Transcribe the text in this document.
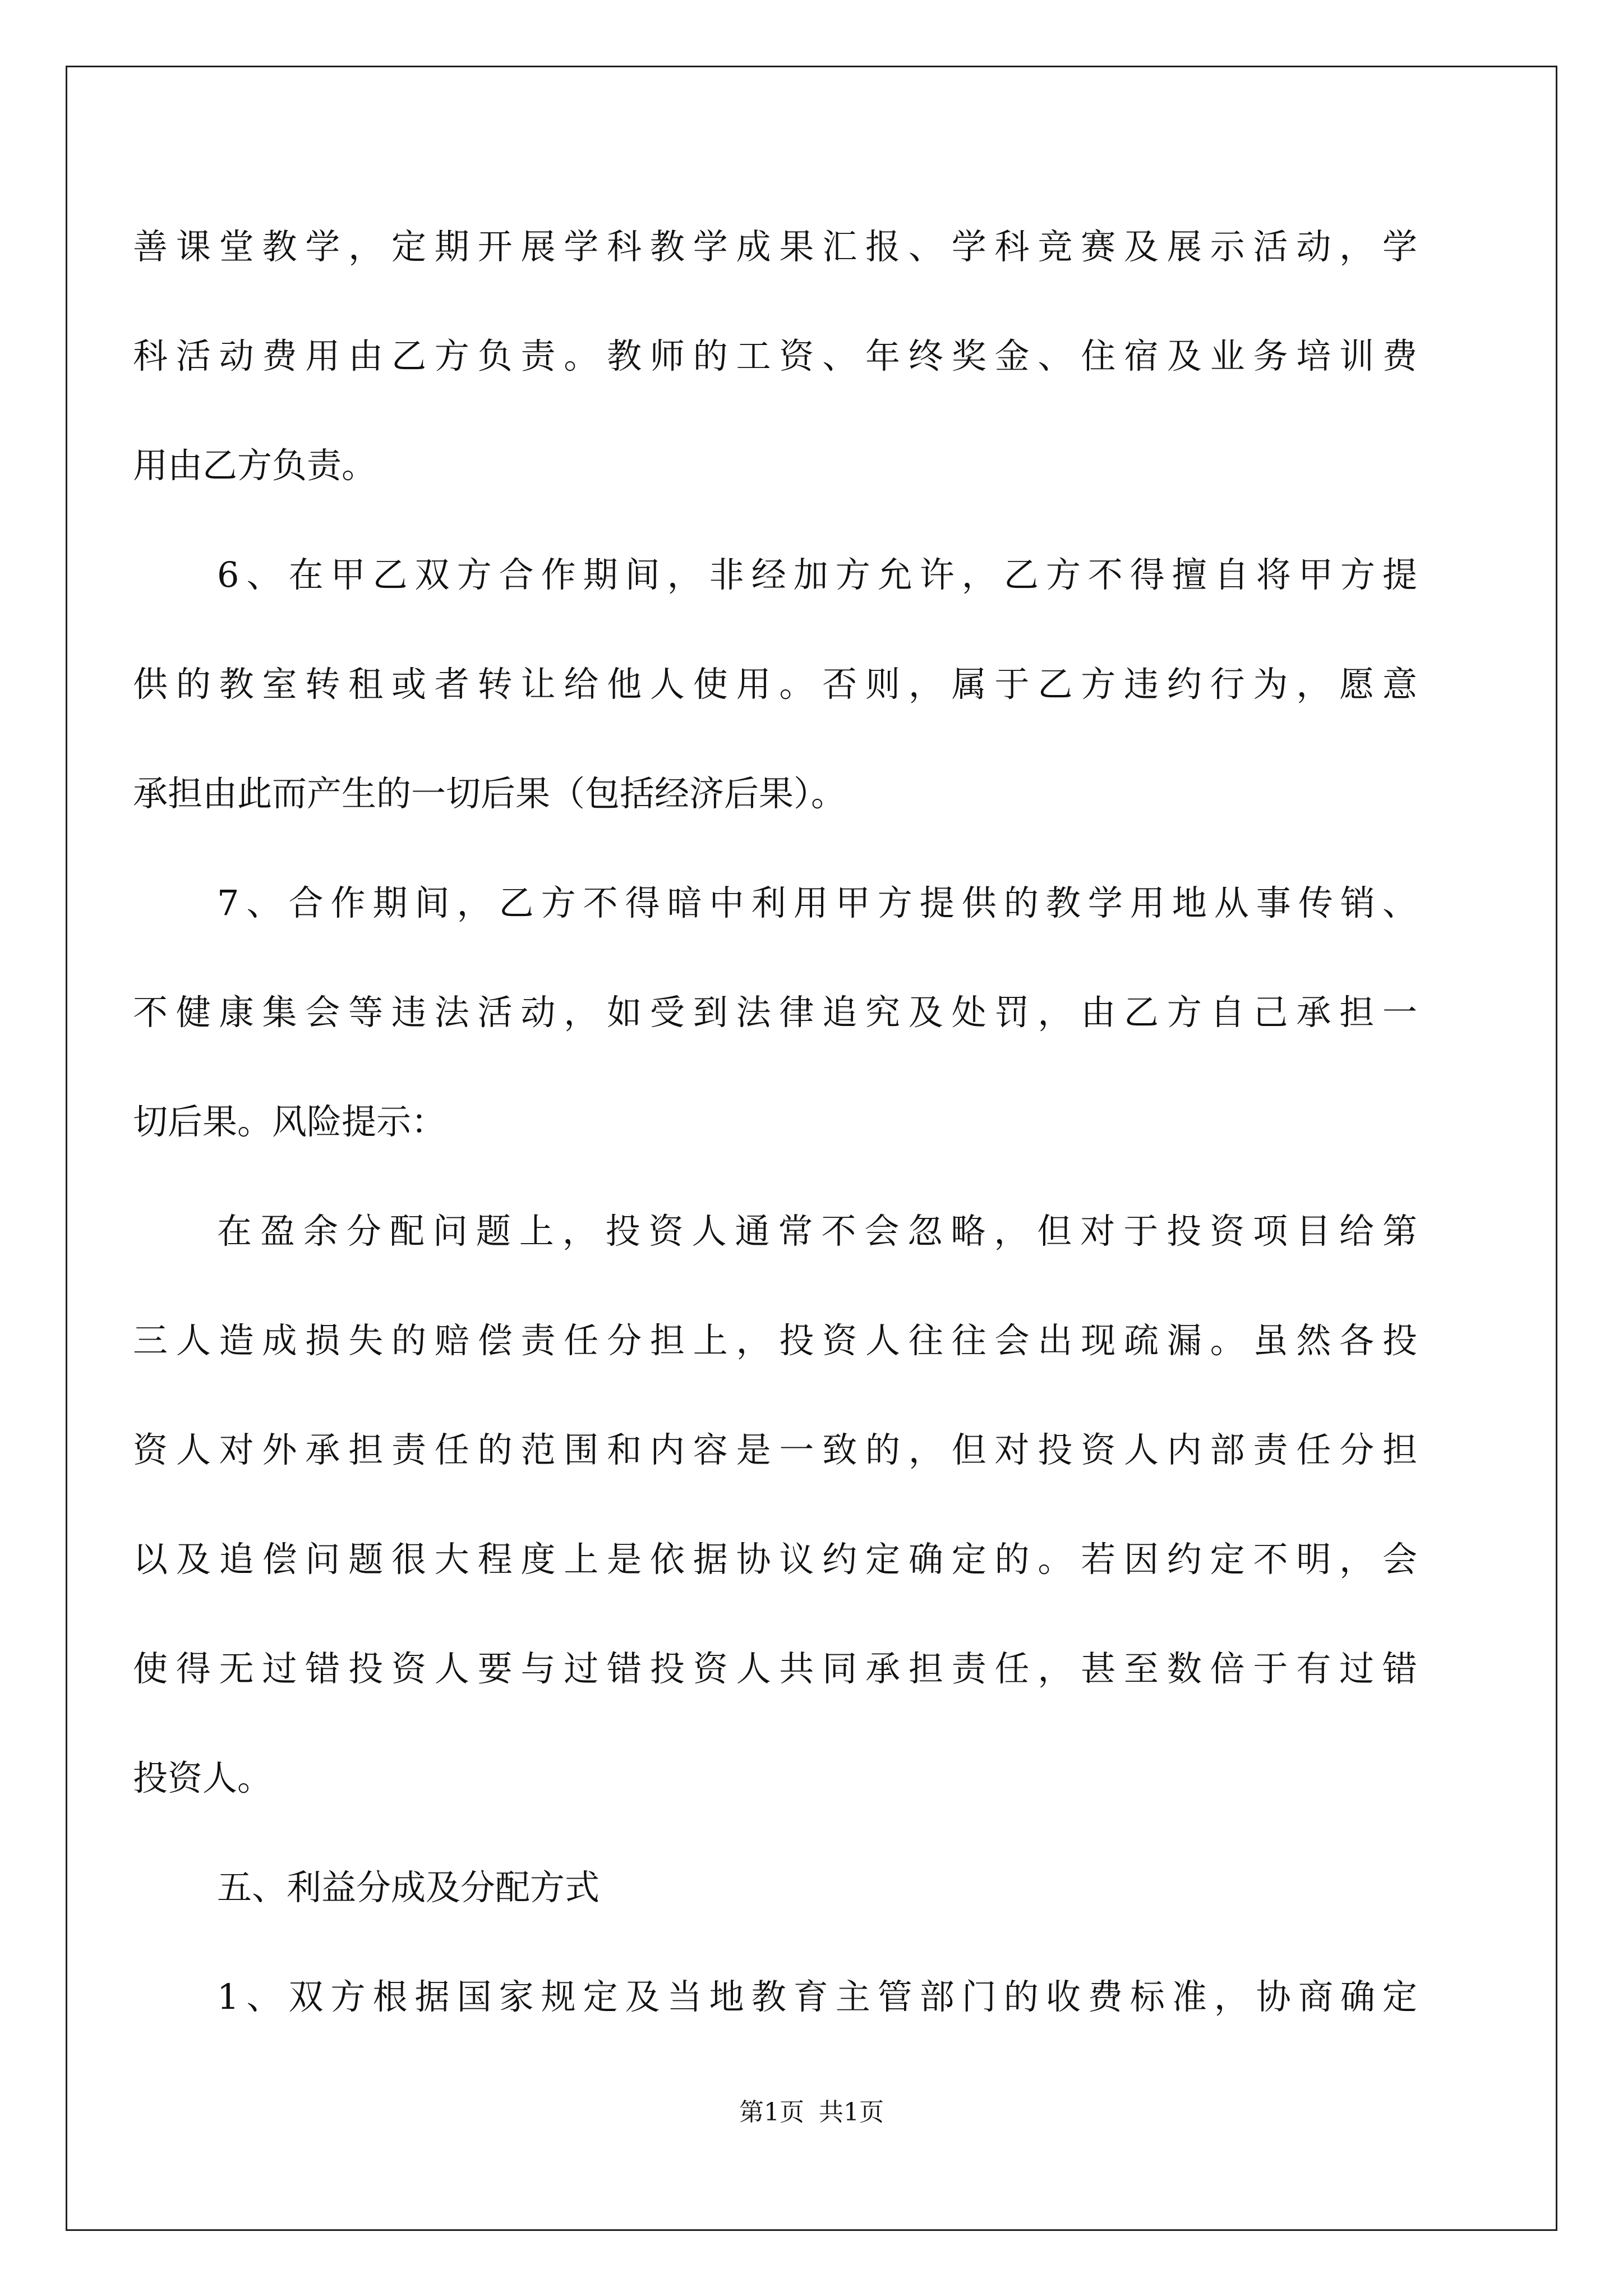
善课堂教学，定期开展学科教学成果汇报、学科竞赛及展示活动，学
科活动费用由乙方负责。教师的工资、年终奖金、住宿及业务培训费
用由乙方负责。
6、在甲乙双方合作期间，非经加方允许，乙方不得擅自将甲方提
供的教室转租或者转让给他人使用。否则，属于乙方违约行为，愿意
承担由此而产生的一切后果（包括经济后果）。
7、合作期间，乙方不得暗中利用甲方提供的教学用地从事传销、
不健康集会等违法活动，如受到法律追究及处罚，由乙方自己承担一
切后果。风险提示：
在盈余分配问题上，投资人通常不会忽略，但对于投资项目给第
三人造成损失的赔偿责任分担上，投资人往往会出现疏漏。虽然各投
资人对外承担责任的范围和内容是一致的，但对投资人内部责任分担
以及追偿问题很大程度上是依据协议约定确定的。若因约定不明，会
使得无过错投资人要与过错投资人共同承担责任，甚至数倍于有过错
投资人。
五、利益分成及分配方式
1、双方根据国家规定及当地教育主管部门的收费标准，协商确定
第1页 共1页
